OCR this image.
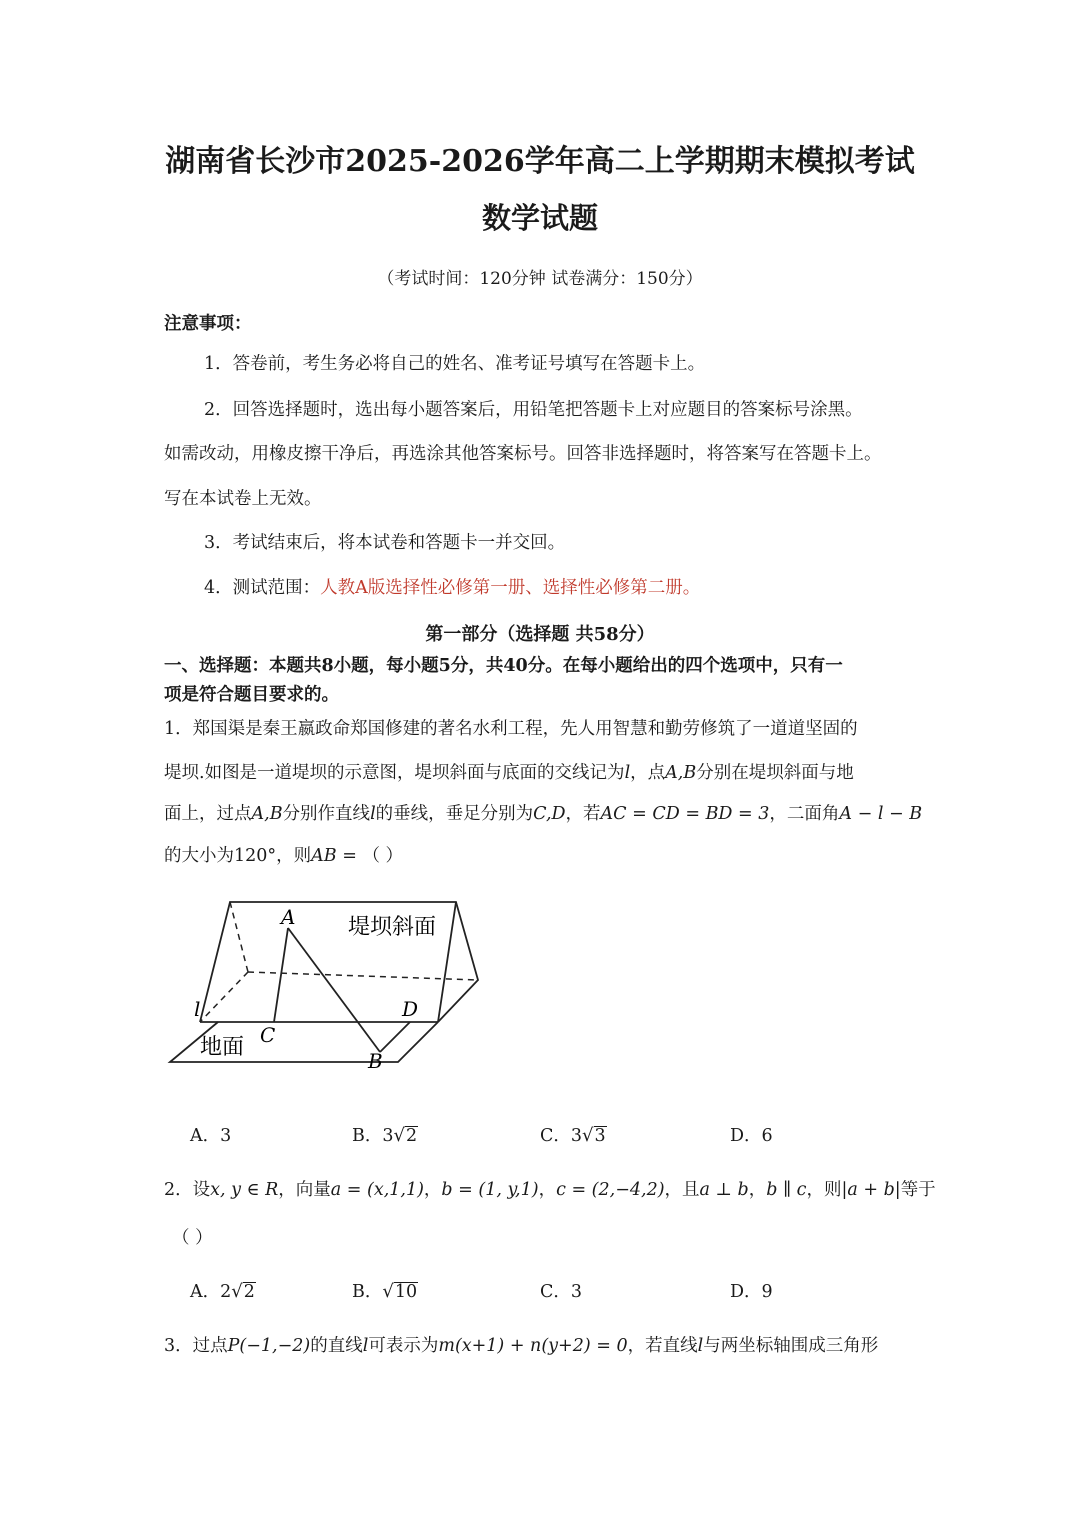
湖南省长沙市2025-2026学年高二上学期期末模拟考试
数学试题
（考试时间：120分钟 试卷满分：150分）
注意事项：
1．答卷前，考生务必将自己的姓名、准考证号填写在答题卡上。
2．回答选择题时，选出每小题答案后，用铅笔把答题卡上对应题目的答案标号涂黑。
如需改动，用橡皮擦干净后，再选涂其他答案标号。回答非选择题时，将答案写在答题卡上。
写在本试卷上无效。
3．考试结束后，将本试卷和答题卡一并交回。
4．测试范围：人教A版选择性必修第一册、选择性必修第二册。
第一部分（选择题 共58分）
一、选择题：本题共8小题，每小题5分，共40分。在每小题给出的四个选项中，只有一
项是符合题目要求的。
1．郑国渠是秦王嬴政命郑国修建的著名水利工程，先人用智慧和勤劳修筑了一道道坚固的
堤坝.如图是一道堤坝的示意图，堤坝斜面与底面的交线记为l，点A,B分别在堤坝斜面与地
面上，过点A,B分别作直线l的垂线，垂足分别为C,D，若AC = CD = BD = 3，二面角A − l − B
的大小为120°，则AB = （ ）
A 堤坝斜面
l
C
D
地面
B
A．3	B．3√2	C．3√3	D．6
2．设x, y ∈ R，向量a = (x,1,1)，b = (1, y,1)，c = (2,−4,2)，且a ⊥ b，b ∥ c，则|a + b|等于
（ ）
A．2√2	B．√10	C．3	D．9
3．过点P(−1,−2)的直线l可表示为m(x+1) + n(y+2) = 0，若直线l与两坐标轴围成三角形
